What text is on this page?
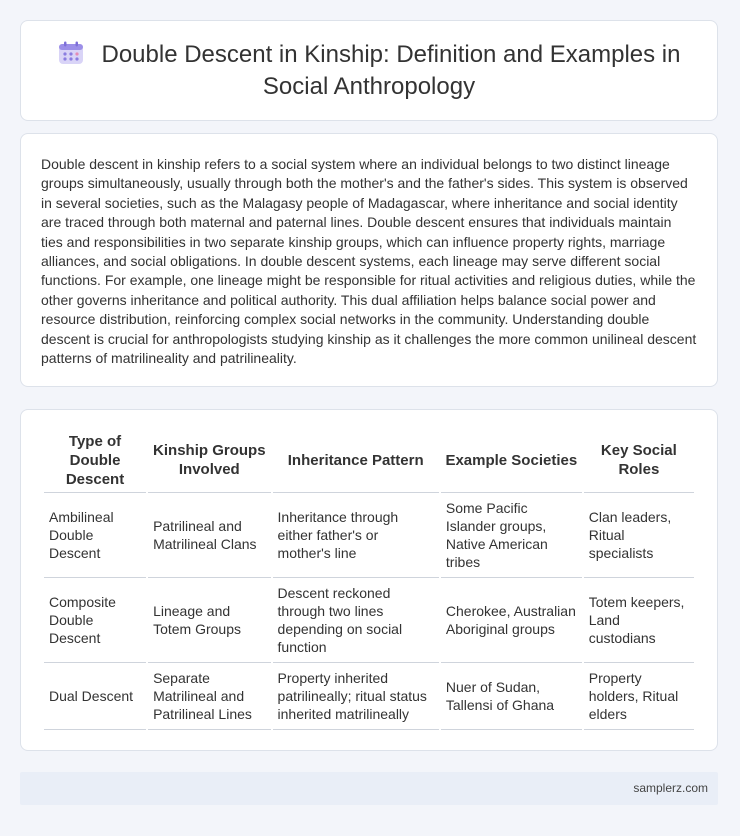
Double Descent in Kinship: Definition and Examples in Social Anthropology

Double descent in kinship refers to a social system where an individual belongs to two distinct lineage groups simultaneously, usually through both the mother's and the father's sides. This system is observed in several societies, such as the Malagasy people of Madagascar, where inheritance and social identity are traced through both maternal and paternal lines. Double descent ensures that individuals maintain ties and responsibilities in two separate kinship groups, which can influence property rights, marriage alliances, and social obligations. In double descent systems, each lineage may serve different social functions. For example, one lineage might be responsible for ritual activities and religious duties, while the other governs inheritance and political authority. This dual affiliation helps balance social power and resource distribution, reinforcing complex social networks in the community. Understanding double descent is crucial for anthropologists studying kinship as it challenges the more common unilineal descent patterns of matrilineality and patrilineality.

Type of Double Descent	Kinship Groups Involved	Inheritance Pattern	Example Societies	Key Social Roles
Ambilineal Double Descent	Patrilineal and Matrilineal Clans	Inheritance through either father's or mother's line	Some Pacific Islander groups, Native American tribes	Clan leaders, Ritual specialists
Composite Double Descent	Lineage and Totem Groups	Descent reckoned through two lines depending on social function	Cherokee, Australian Aboriginal groups	Totem keepers, Land custodians
Dual Descent	Separate Matrilineal and Patrilineal Lines	Property inherited patrilineally; ritual status inherited matrilineally	Nuer of Sudan, Tallensi of Ghana	Property holders, Ritual elders
samplerz.com
